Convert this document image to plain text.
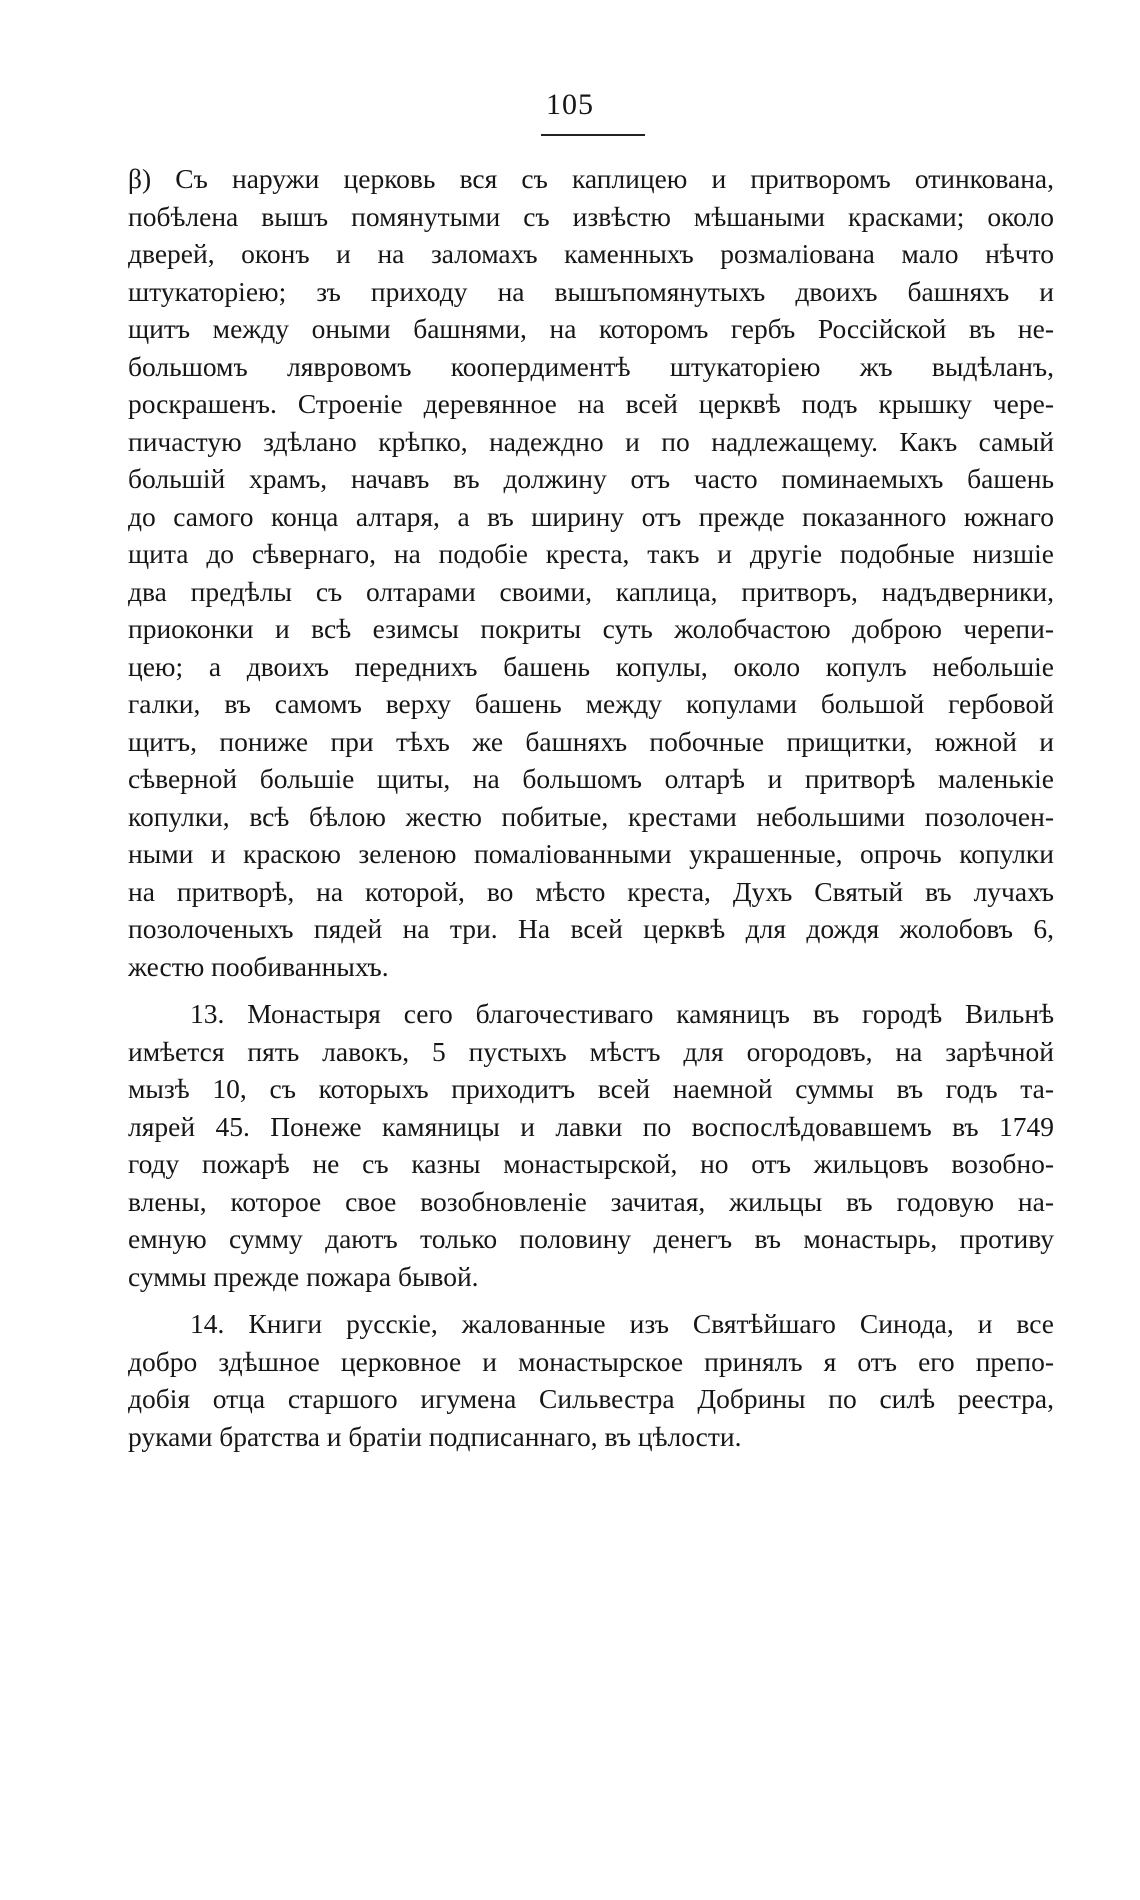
105
β) Съ наружи церковь вся съ каплицею и притворомъ отинкована,
побѣлена вышъ помянутыми съ извѣстю мѣшаными красками; около
дверей, оконъ и на заломахъ каменныхъ розмаліована мало нѣчто
штукаторіею; зъ приходу на вышъпомянутыхъ двоихъ башняхъ и
щитъ между оными башнями, на которомъ гербъ Россійской въ не-
большомъ лявровомъ коопердиментѣ штукаторіею жъ выдѣланъ,
роскрашенъ. Строеніе деревянное на всей церквѣ подъ крышку чере-
пичастую здѣлано крѣпко, надеждно и по надлежащему. Какъ самый
большій храмъ, начавъ въ должину отъ часто поминаемыхъ башень
до самого конца алтаря, а въ ширину отъ прежде показанного южнаго
щита до сѣвернаго, на подобіе креста, такъ и другіе подобные низшіе
два предѣлы съ олтарами своими, каплица, притворъ, надъдверники,
приоконки и всѣ езимсы покриты суть жолобчастою доброю черепи-
цею; а двоихъ переднихъ башень копулы, около копулъ небольшіе
галки, въ самомъ верху башень между копулами большой гербовой
щитъ, пониже при тѣхъ же башняхъ побочные прищитки, южной и
сѣверной большіе щиты, на большомъ олтарѣ и притворѣ маленькіе
копулки, всѣ бѣлою жестю побитые, крестами небольшими позолочен-
ными и краскою зеленою помаліованными украшенные, опрочь копулки
на притворѣ, на которой, во мѣсто креста, Духъ Святый въ лучахъ
позолоченыхъ пядей на три. На всей церквѣ для дождя жолобовъ 6,
жестю пообиванныхъ.
13. Монастыря сего благочестиваго камяницъ въ городѣ Вильнѣ
имѣется пять лавокъ, 5 пустыхъ мѣстъ для огородовъ, на зарѣчной
мызѣ 10, съ которыхъ приходитъ всей наемной суммы въ годъ та-
лярей 45. Понеже камяницы и лавки по воспослѣдовавшемъ въ 1749
году пожарѣ не съ казны монастырской, но отъ жильцовъ возобно-
влены, которое свое возобновленіе зачитая, жильцы въ годовую на-
емную сумму даютъ только половину денегъ въ монастырь, противу
суммы прежде пожара бывой.
14. Книги русскіе, жалованные изъ Святѣйшаго Синода, и все
добро здѣшное церковное и монастырское принялъ я отъ его препо-
добія отца старшого игумена Сильвестра Добрины по силѣ реестра,
руками братства и братіи подписаннаго, въ цѣлости.
